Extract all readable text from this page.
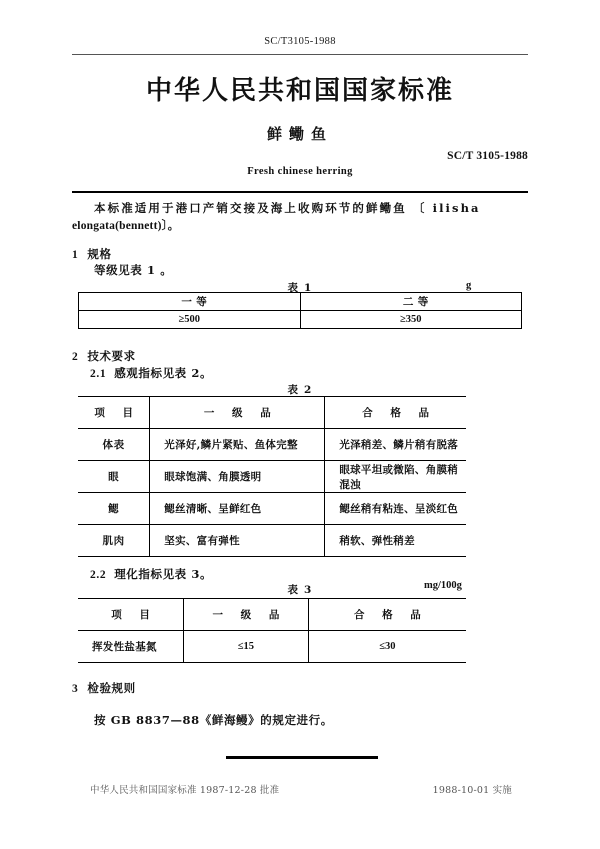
SC/T3105-1988
中华人民共和国国家标准
鲜鳓鱼
SC/T 3105-1988
Fresh chinese herring
本标准适用于港口产销交接及海上收购环节的鲜鳓鱼 〔 ilisha
elongata(bennett)〕。
1 规格
等级见表 1 。
表 1	g
一 等	二 等
≥500	≥350
2 技术要求
2.1 感观指标见表 2。
表 2
项 目	一 级 品	合 格 品
体表	光泽好,鳞片紧贴、鱼体完整	光泽稍差、鳞片稍有脱落
眼	眼球饱满、角膜透明	眼球平坦或微陷、角膜稍混浊
鳃	鳃丝清晰、呈鲜红色	鳃丝稍有粘连、呈淡红色
肌肉	坚实、富有弹性	稍软、弹性稍差
2.2 理化指标见表 3。
表 3	mg/100g
项 目	一 级 品	合 格 品
挥发性盐基氮	≤15	≤30
3 检验规则
按 GB 8837—88《鲜海鳗》的规定进行。
中华人民共和国国家标准 1987-12-28 批准	1988-10-01 实施
